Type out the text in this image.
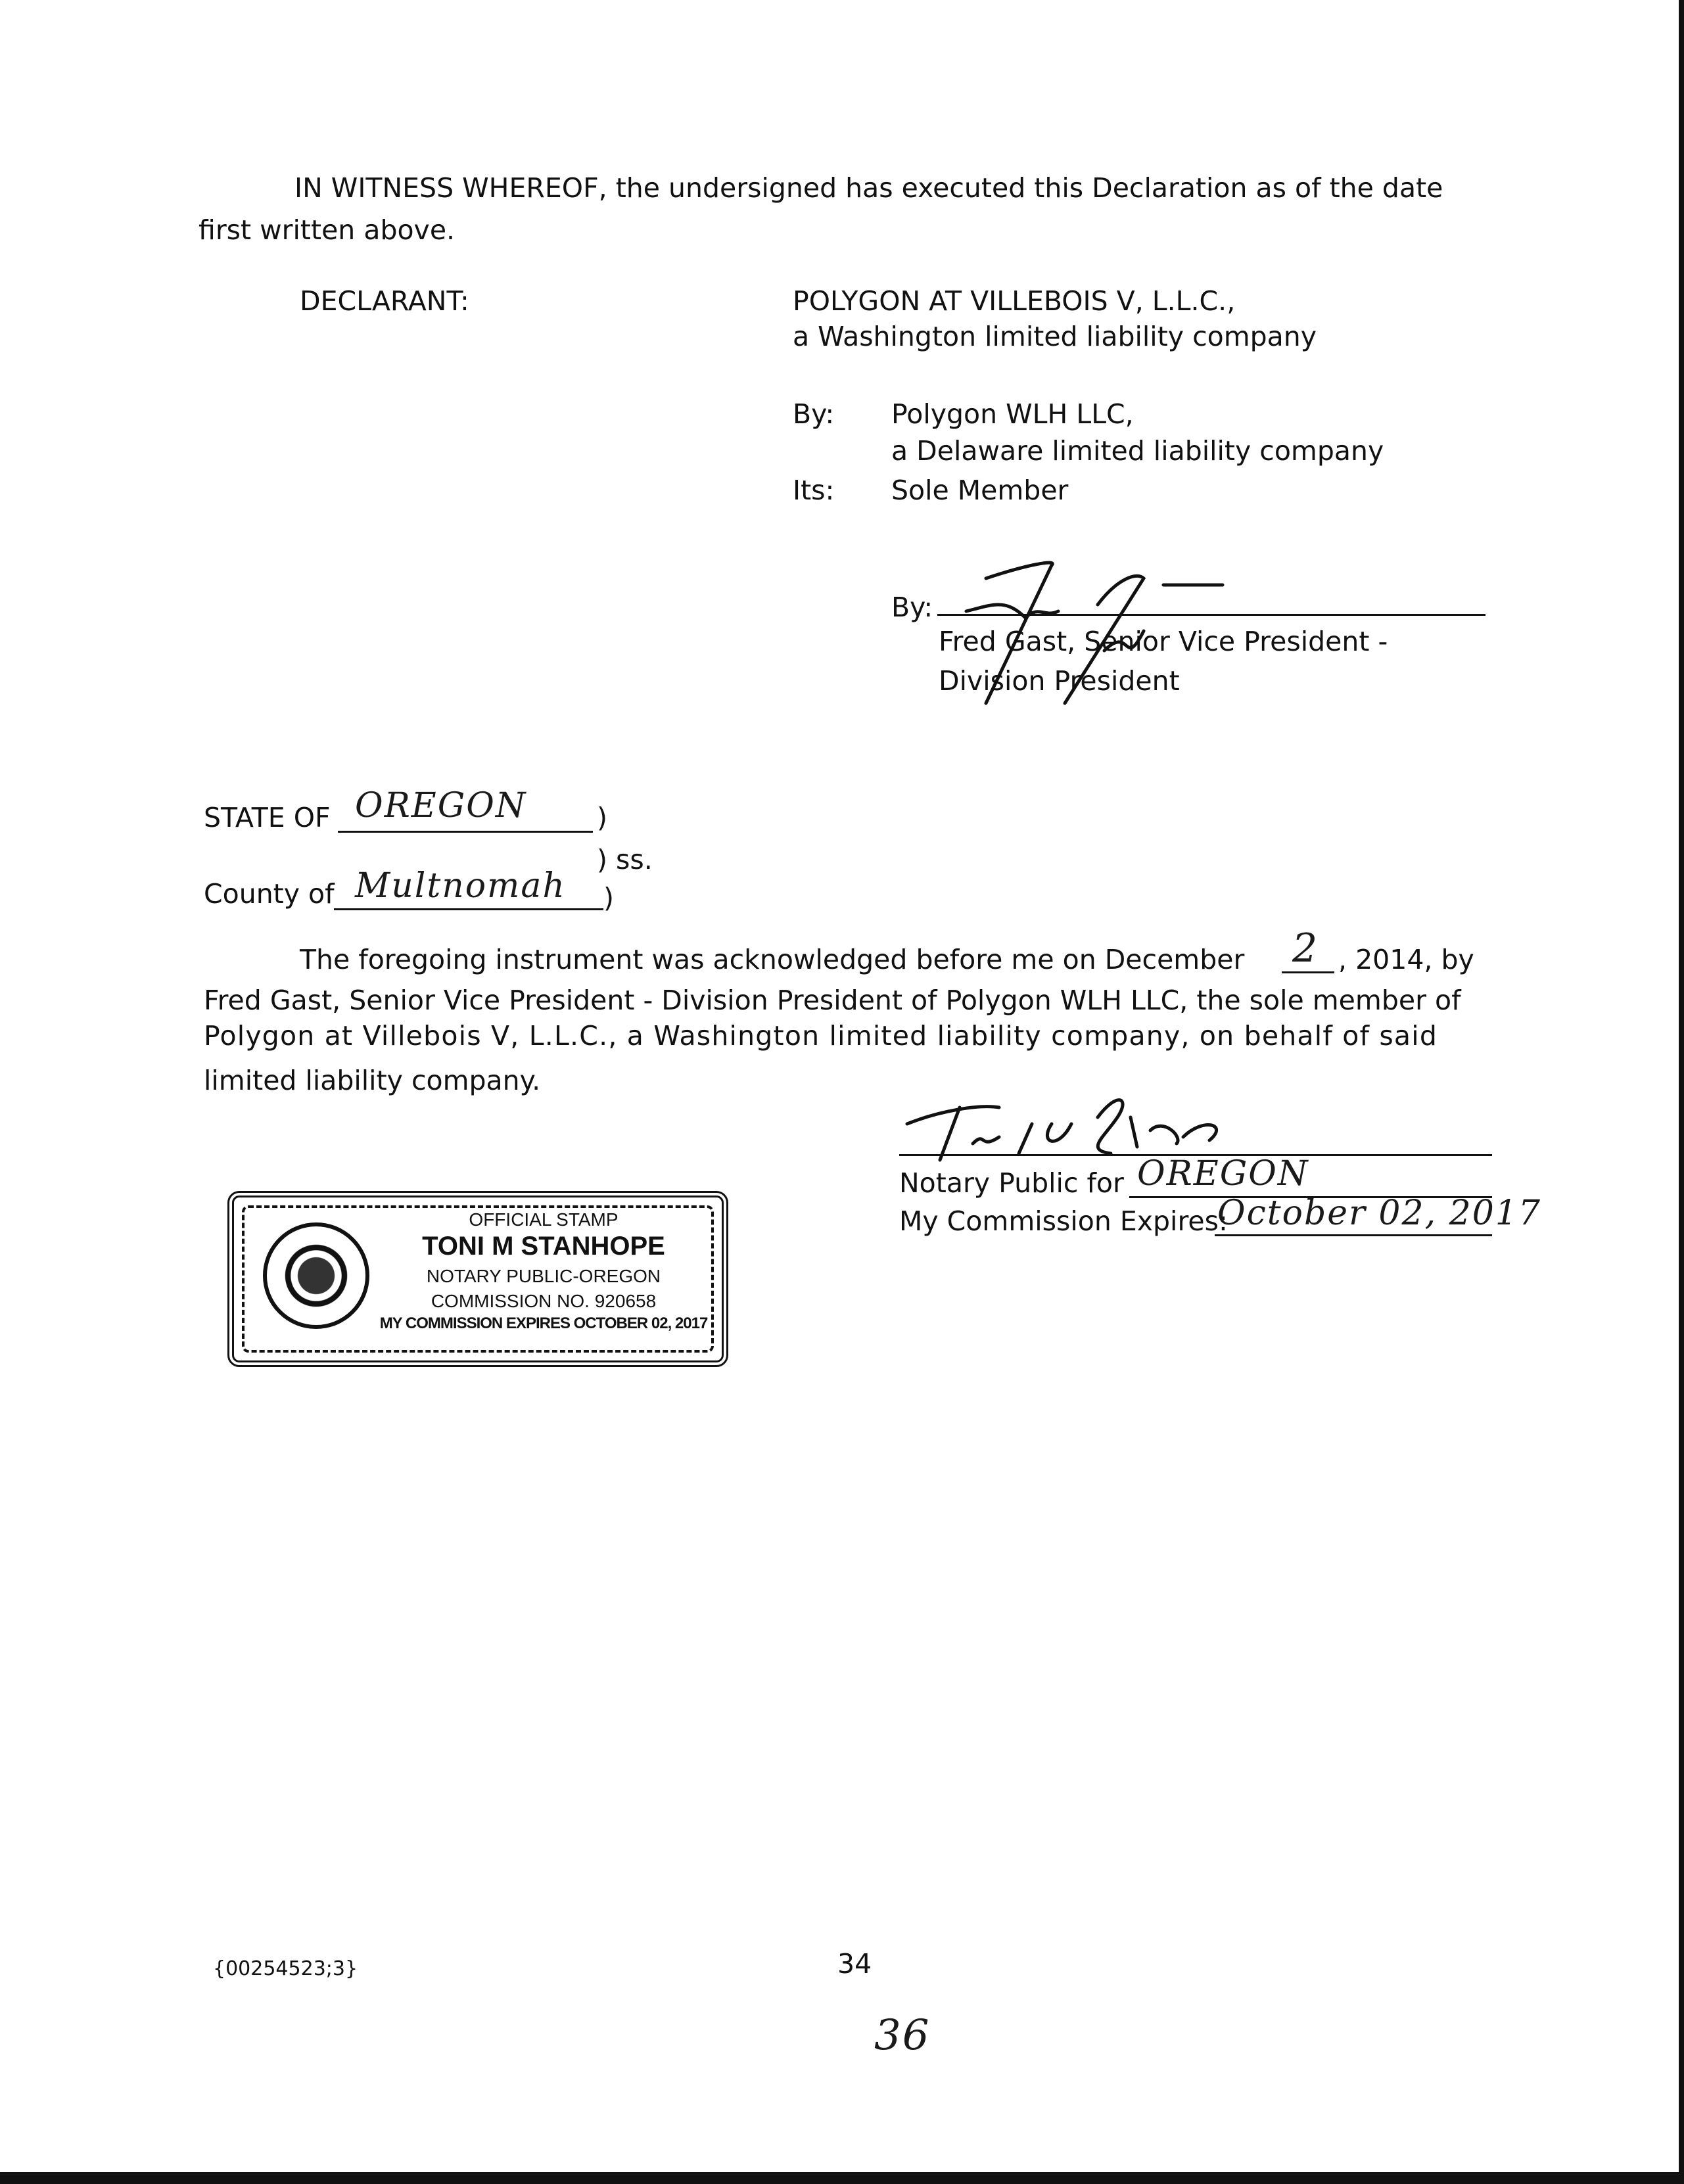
IN WITNESS WHEREOF, the undersigned has executed this Declaration as of the date
first written above.
DECLARANT:	POLYGON AT VILLEBOIS V, L.L.C.,
a Washington limited liability company
By: Polygon WLH LLC,
a Delaware limited liability company
Its: Sole Member
By:
Fred Gast, Senior Vice President -
Division President
STATE OF OREGON	)
) ss.
County of Multnomah )
The foregoing instrument was acknowledged before me on December 2 , 2014, by
Fred Gast, Senior Vice President - Division President of Polygon WLH LLC, the sole member of
Polygon at Villebois V, L.L.C., a Washington limited liability company, on behalf of said
limited liability company.
Notary Public for OREGON
My Commission Expires:
October 02, 2017
OFFICIAL STAMP
TONI M STANHOPE
NOTARY PUBLIC-OREGON
COMMISSION NO. 920658
MY COMMISSION EXPIRES OCTOBER 02, 2017
{00254523;3}	34
36
